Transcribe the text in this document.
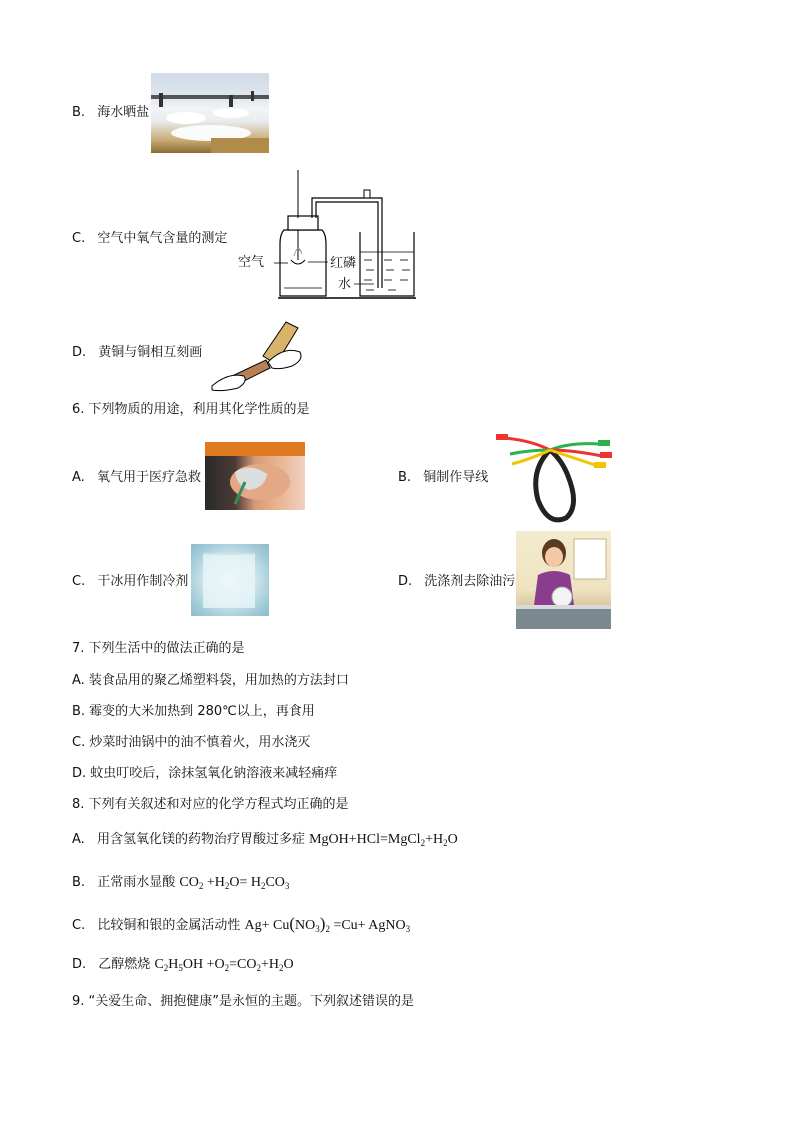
B. 海水晒盐
C. 空气中氧气含量的测定
空气	红磷
水
D. 黄铜与铜相互刻画
6. 下列物质的用途，利用其化学性质的是
A. 氧气用于医疗急救	B. 铜制作导线
C. 干冰用作制冷剂	D. 洗涤剂去除油污
7. 下列生活中的做法正确的是
A. 装食品用的聚乙烯塑料袋，用加热的方法封口
B. 霉变的大米加热到 280℃以上，再食用
C. 炒菜时油锅中的油不慎着火，用水浇灭
D. 蚊虫叮咬后，涂抹氢氧化钠溶液来减轻痛痒
8. 下列有关叙述和对应的化学方程式均正确的是
A. 用含氢氧化镁的药物治疗胃酸过多症 $MgOH+HCl=MgCl_2+H_2O$
B. 正常雨水显酸 $CO_2 +H_2O= H_2CO_3$
C. 比较铜和银的金属活动性 $Ag+ Cu(NO_3)_2 =Cu+$ AgNO$_3$
D. 乙醇燃烧 $C_2H_5OH +O_2=CO_2+H_2O$
9. “关爱生命、拥抱健康”是永恒的主题。下列叙述错误的是
